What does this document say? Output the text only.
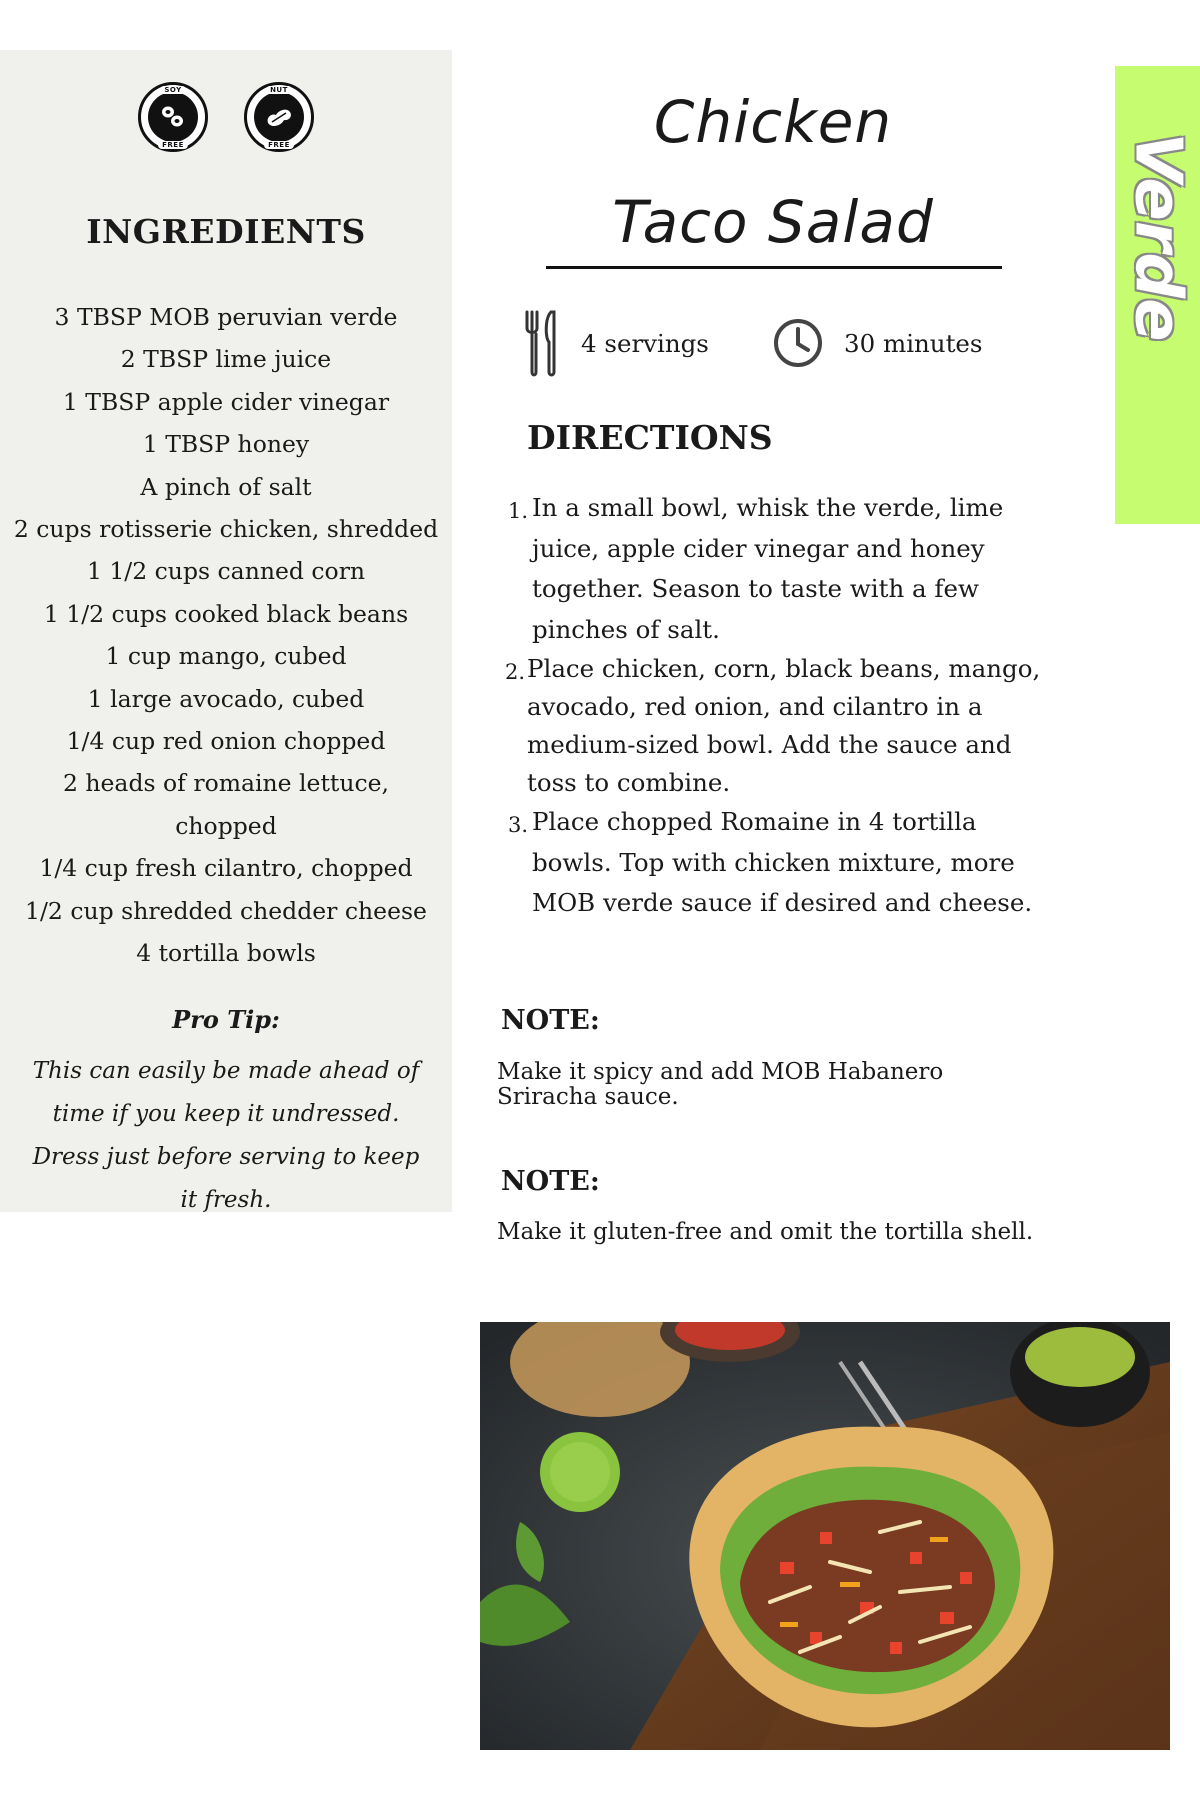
SOY
FREE
NUT
FREE
INGREDIENTS
3 TBSP MOB peruvian verde
2 TBSP lime juice
1 TBSP apple cider vinegar
1 TBSP honey
A pinch of salt
2 cups rotisserie chicken, shredded
1 1/2 cups canned corn
1 1/2 cups cooked black beans
1 cup mango, cubed
1 large avocado, cubed
1/4 cup red onion chopped
2 heads of romaine lettuce,
chopped
1/4 cup fresh cilantro, chopped
1/2 cup shredded chedder cheese
4 tortilla bowls
Pro Tip:
This can easily be made ahead of time if you keep it undressed. Dress just before serving to keep it fresh.
Chicken
Taco Salad
4 servings	30 minutes
DIRECTIONS
1. In a small bowl, whisk the verde, lime juice, apple cider vinegar and honey together. Season to taste with a few pinches of salt.
2. Place chicken, corn, black beans, mango, avocado, red onion, and cilantro in a medium-sized bowl. Add the sauce and toss to combine.
3. Place chopped Romaine in 4 tortilla bowls. Top with chicken mixture, more MOB verde sauce if desired and cheese.
NOTE:
Make it spicy and add MOB Habanero Sriracha sauce.
NOTE:
Make it gluten-free and omit the tortilla shell.
Verde
